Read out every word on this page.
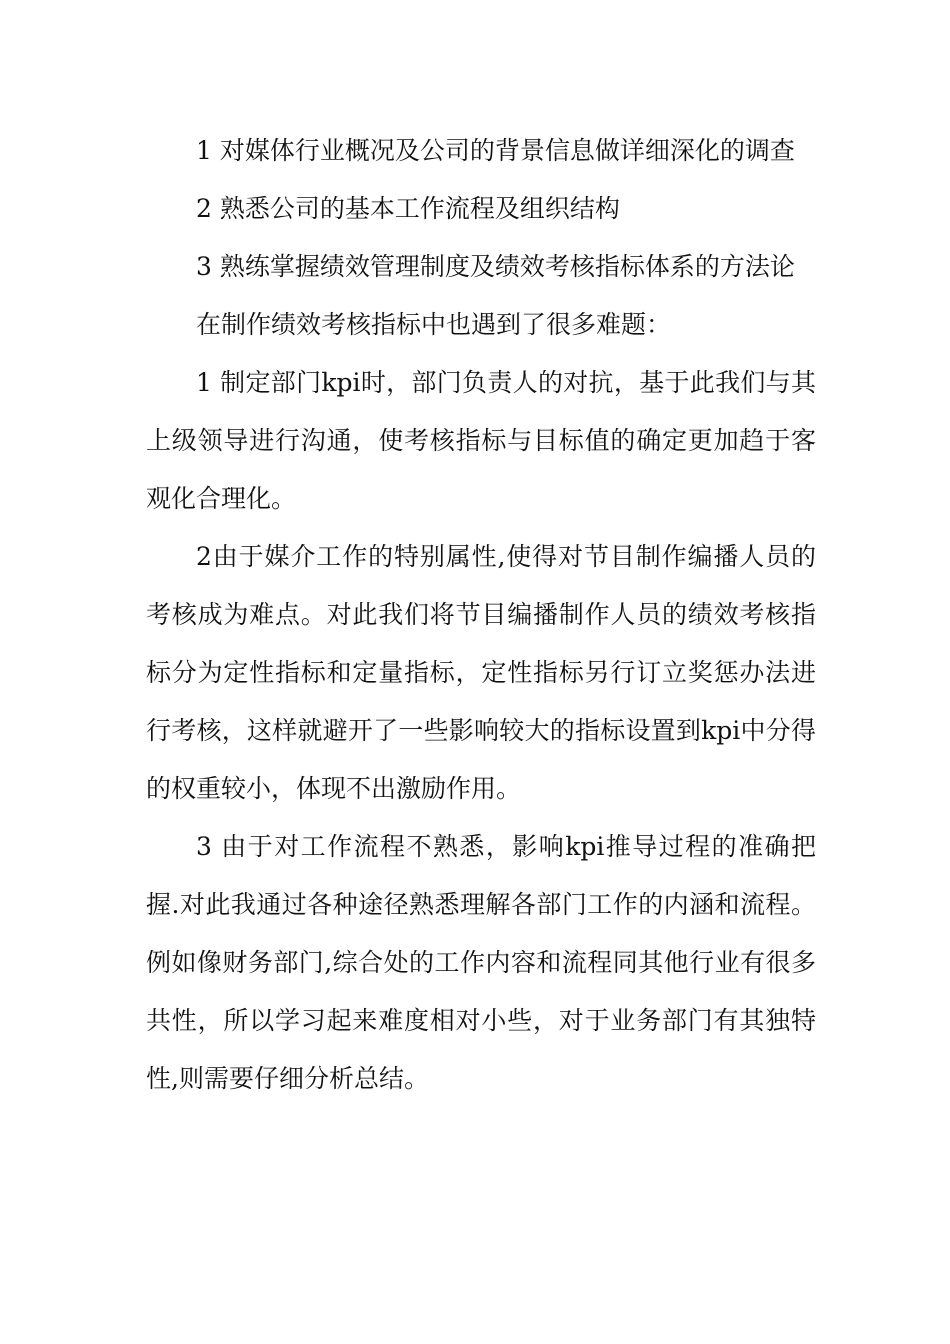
1 对媒体行业概况及公司的背景信息做详细深化的调查

2 熟悉公司的基本工作流程及组织结构

3 熟练掌握绩效管理制度及绩效考核指标体系的方法论

在制作绩效考核指标中也遇到了很多难题：

1 制定部门kpi时，部门负责人的对抗，基于此我们与其上级领导进行沟通，使考核指标与目标值的确定更加趋于客观化合理化。

2由于媒介工作的特别属性,使得对节目制作编播人员的考核成为难点。对此我们将节目编播制作人员的绩效考核指标分为定性指标和定量指标，定性指标另行订立奖惩办法进行考核，这样就避开了一些影响较大的指标设置到kpi中分得的权重较小，体现不出激励作用。

3 由于对工作流程不熟悉，影响kpi推导过程的准确把握.对此我通过各种途径熟悉理解各部门工作的内涵和流程。例如像财务部门,综合处的工作内容和流程同其他行业有很多共性，所以学习起来难度相对小些，对于业务部门有其独特性,则需要仔细分析总结。
